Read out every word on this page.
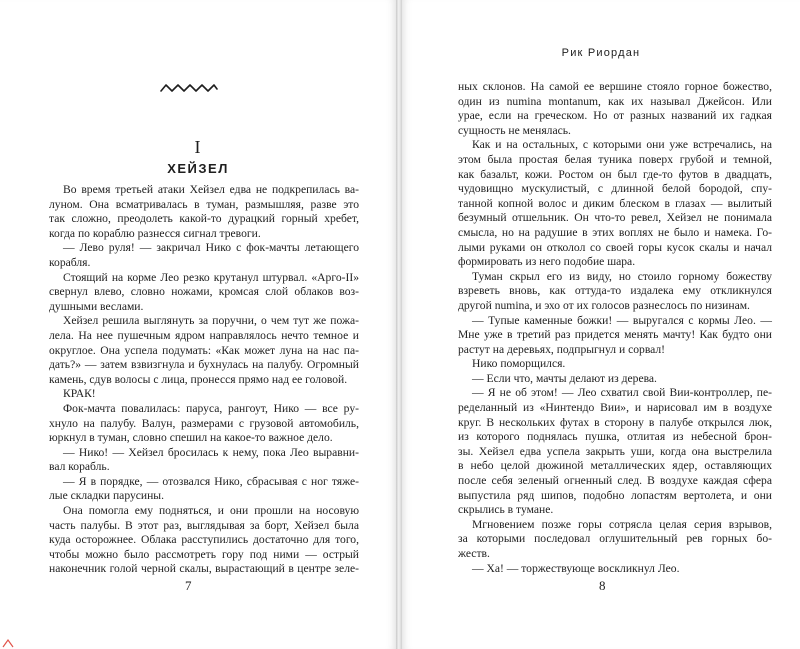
I
ХЕЙЗЕЛ
Во время третьей атаки Хейзел едва не подкрепилась ва-
луном. Она всматривалась в туман, размышляя, разве это
так сложно, преодолеть какой-то дурацкий горный хребет,
когда по кораблю разнесся сигнал тревоги.
— Лево руля! — закричал Нико с фок-мачты летающего
корабля.
Стоящий на корме Лео резко крутанул штурвал. «Арго-II»
свернул влево, словно ножами, кромсая слой облаков воз-
душными веслами.
Хейзел решила выглянуть за поручни, о чем тут же пожа-
лела. На нее пушечным ядром направлялось нечто темное и
округлое. Она успела подумать: «Как может луна на нас па-
дать?» — затем взвизгнула и бухнулась на палубу. Огромный
камень, сдув волосы с лица, пронесся прямо над ее головой.
КРАК!
Фок-мачта повалилась: паруса, рангоут, Нико — все ру-
хнуло на палубу. Валун, размерами с грузовой автомобиль,
юркнул в туман, словно спешил на какое-то важное дело.
— Нико! — Хейзел бросилась к нему, пока Лео выравни-
вал корабль.
— Я в порядке, — отозвался Нико, сбрасывая с ног тяже-
лые складки парусины.
Она помогла ему подняться, и они прошли на носовую
часть палубы. В этот раз, выглядывая за борт, Хейзел была
куда осторожнее. Облака расступились достаточно для того,
чтобы можно было рассмотреть гору под ними — острый
наконечник голой черной скалы, вырастающий в центре зеле-
7
Рик Риордан
ных склонов. На самой ее вершине стояло горное божество,
один из numina montanum, как их называл Джейсон. Или
урае, если на греческом. Но от разных названий их гадкая
сущность не менялась.
Как и на остальных, с которыми они уже встречались, на
этом была простая белая туника поверх грубой и темной,
как базальт, кожи. Ростом он был где-то футов в двадцать,
чудовищно мускулистый, с длинной белой бородой, спу-
танной копной волос и диким блеском в глазах — вылитый
безумный отшельник. Он что-то ревел, Хейзел не понимала
смысла, но на радушие в этих воплях не было и намека. Го-
лыми руками он отколол со своей горы кусок скалы и начал
формировать из него подобие шара.
Туман скрыл его из виду, но стоило горному божеству
взреветь вновь, как оттуда-то издалека ему откликнулся
другой numina, и эхо от их голосов разнеслось по низинам.
— Тупые каменные божки! — выругался с кормы Лео. —
Мне уже в третий раз придется менять мачту! Как будто они
растут на деревьях, подпрыгнул и сорвал!
Нико поморщился.
— Если что, мачты делают из дерева.
— Я не об этом! — Лео схватил свой Вии-контроллер, пе-
ределанный из «Нинтендо Вии», и нарисовал им в воздухе
круг. В нескольких футах в сторону в палубе открылся люк,
из которого поднялась пушка, отлитая из небесной брон-
зы. Хейзел едва успела закрыть уши, когда она выстрелила
в небо целой дюжиной металлических ядер, оставляющих
после себя зеленый огненный след. В воздухе каждая сфера
выпустила ряд шипов, подобно лопастям вертолета, и они
скрылись в тумане.
Мгновением позже горы сотрясла целая серия взрывов,
за которыми последовал оглушительный рев горных бо-
жеств.
— Ха! — торжествующе воскликнул Лео.
8
